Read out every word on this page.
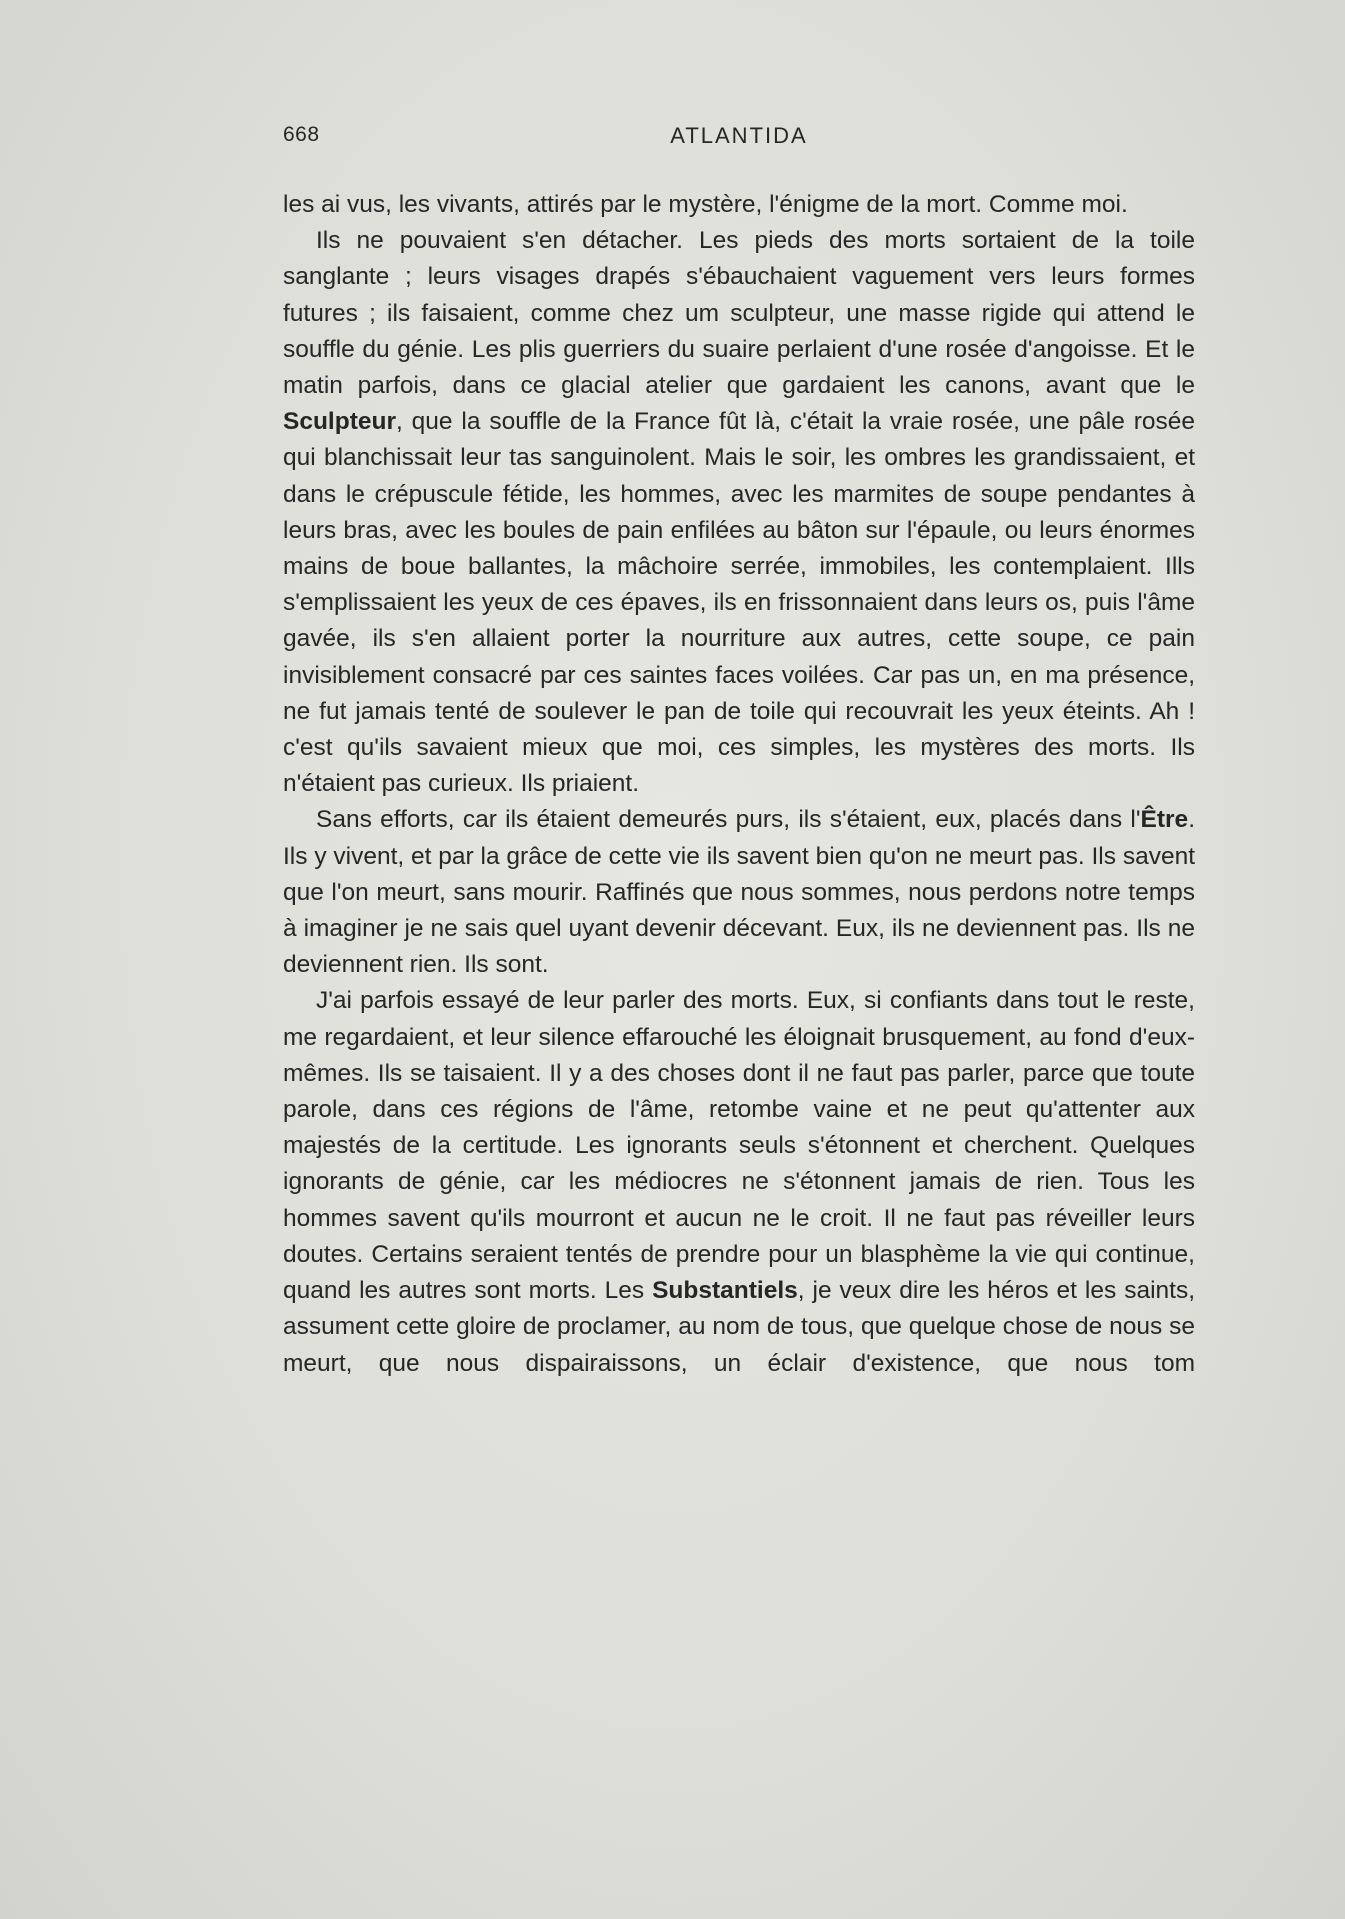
668	ATLANTIDA

les ai vus, les vivants, attirés par le mystère, l'énigme de la mort. Comme moi.

Ils ne pouvaient s'en détacher. Les pieds des morts sortaient de la toile sanglante ; leurs visages drapés s'ébauchaient vaguement vers leurs formes futures ; ils faisaient, comme chez um sculpteur, une masse rigide qui attend le souffle du génie. Les plis guerriers du suaire perlaient d'une rosée d'angoisse. Et le matin parfois, dans ce glacial atelier que gardaient les canons, avant que le Sculpteur, que la souffle de la France fût là, c'était la vraie rosée, une pâle rosée qui blanchissait leur tas sanguinolent. Mais le soir, les ombres les grandissaient, et dans le crépuscule fétide, les hommes, avec les marmites de soupe pendantes à leurs bras, avec les boules de pain enfilées au bâton sur l'épaule, ou leurs énormes mains de boue ballantes, la mâchoire serrée, immobiles, les contemplaient. Ills s'emplissaient les yeux de ces épaves, ils en frissonnaient dans leurs os, puis l'âme gavée, ils s'en allaient porter la nourriture aux autres, cette soupe, ce pain invisiblement consacré par ces saintes faces voilées. Car pas un, en ma présence, ne fut jamais tenté de soulever le pan de toile qui recouvrait les yeux éteints. Ah ! c'est qu'ils savaient mieux que moi, ces simples, les mystères des morts. Ils n'étaient pas curieux. Ils priaient.

Sans efforts, car ils étaient demeurés purs, ils s'étaient, eux, placés dans l'Être. Ils y vivent, et par la grâce de cette vie ils savent bien qu'on ne meurt pas. Ils savent que l'on meurt, sans mourir. Raffinés que nous sommes, nous perdons notre temps à imaginer je ne sais quel uyant devenir décevant. Eux, ils ne deviennent pas. Ils ne deviennent rien. Ils sont.

J'ai parfois essayé de leur parler des morts. Eux, si confiants dans tout le reste, me regardaient, et leur silence effarouché les éloignait brusquement, au fond d'eux-mêmes. Ils se taisaient. Il y a des choses dont il ne faut pas parler, parce que toute parole, dans ces régions de l'âme, retombe vaine et ne peut qu'attenter aux majestés de la certitude. Les ignorants seuls s'étonnent et cherchent. Quelques ignorants de génie, car les médiocres ne s'étonnent jamais de rien. Tous les hommes savent qu'ils mourront et aucun ne le croit. Il ne faut pas réveiller leurs doutes. Certains seraient tentés de prendre pour un blasphème la vie qui continue, quand les autres sont morts. Les Substantiels, je veux dire les héros et les saints, assument cette gloire de proclamer, au nom de tous, que quelque chose de nous se meurt, que nous dispairaissons, un éclair d'existence, que nous tom
